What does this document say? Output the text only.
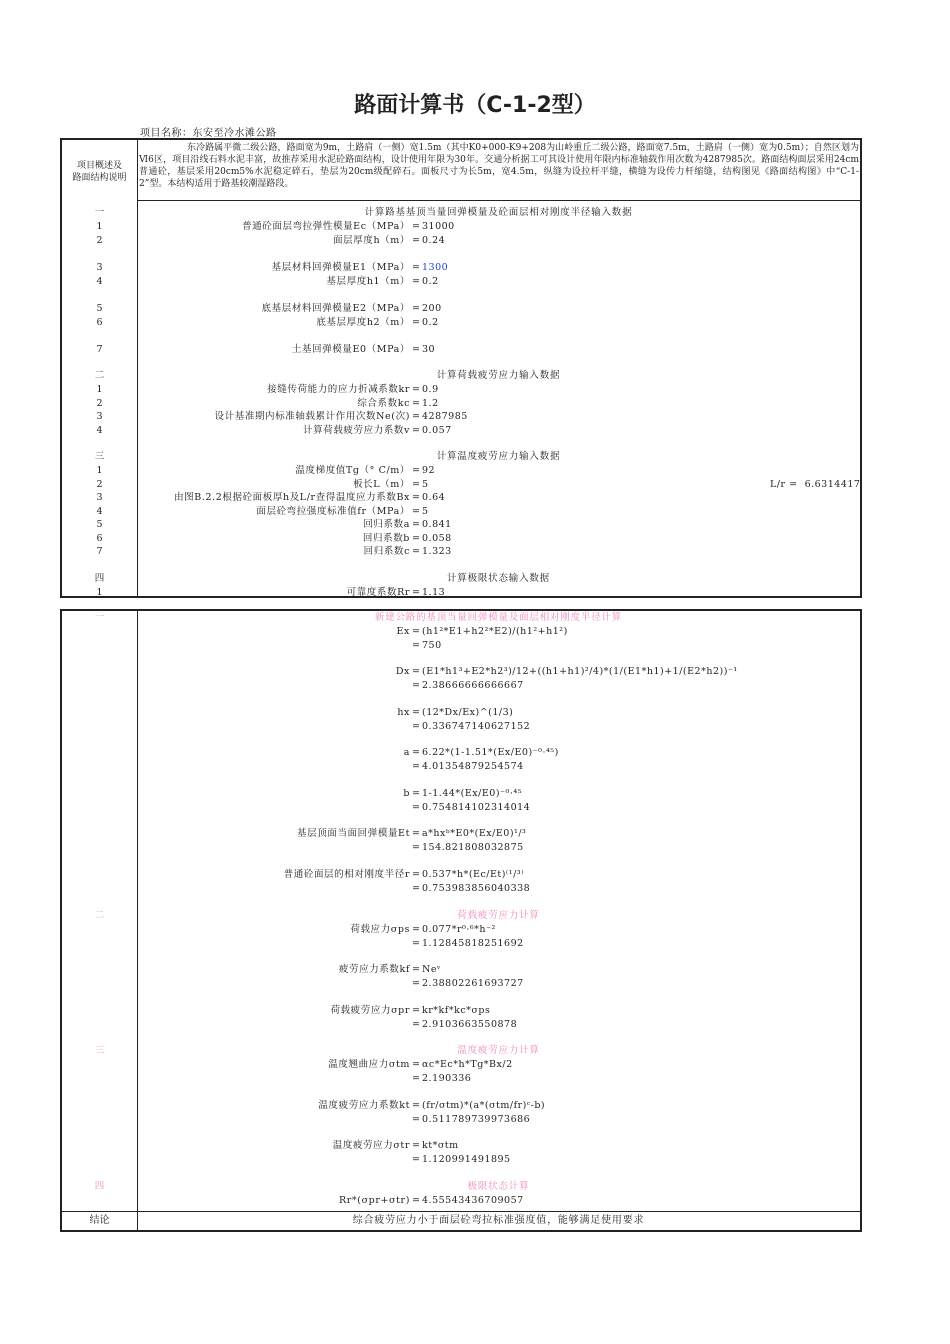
路面计算书（C-1-2型）
项目名称：东安至冷水滩公路
项目概述及
路面结构说明
东冷路属平微二级公路，路面宽为9m，土路肩（一侧）宽1.5m（其中K0+000-K9+208为山岭重丘二级公路，路面宽7.5m，土路肩（一侧）宽为0.5m）；自然区划为Ⅵ6区，项目沿线石料水泥丰富，故推荐采用水泥砼路面结构，设计使用年限为30年。交通分析据工可其设计使用年限内标准轴载作用次数为4287985次。路面结构面层采用24cm普通砼，基层采用20cm5%水泥稳定碎石，垫层为20cm级配碎石。面板尺寸为长5m，宽4.5m，纵缝为设拉杆平缝，横缝为设传力杆缩缝，结构图见《路面结构图》中“C-1-2”型。本结构适用于路基较潮湿路段。
一	计算路基基顶当量回弹模量及砼面层相对刚度半径输入数据
1	普通砼面层弯拉弹性模量Ec（MPa） = 31000
2	面层厚度h（m） = 0.24
3	基层材料回弹模量E1（MPa） = 1300
4	基层厚度h1（m） = 0.2
5	底基层材料回弹模量E2（MPa） = 200
6	底基层厚度h2（m） = 0.2
7	土基回弹模量E0（MPa） = 30
二	计算荷载疲劳应力输入数据
1	接缝传荷能力的应力折减系数kr = 0.9
2	综合系数kc = 1.2
3	设计基准期内标准轴载累计作用次数Ne(次) = 4287985
4	计算荷载疲劳应力系数v = 0.057
三	计算温度疲劳应力输入数据
1	温度梯度值Tg（° C/m） = 92
2	板长L（m） = 5	L/r = 6.6314417
3	由图B.2.2根据砼面板厚h及L/r查得温度应力系数Bx = 0.64
4	面层砼弯拉强度标准值fr（MPa） = 5
5	回归系数a = 0.841
6	回归系数b = 0.058
7	回归系数c = 1.323
四	计算极限状态输入数据
1	可靠度系数Rr = 1.13
一	新建公路的基顶当量回弹模量及面层相对刚度半径计算
Ex = (h1²*E1+h2²*E2)/(h1²+h1²)
= 750
Dx = (E1*h1³+E2*h2³)/12+((h1+h1)²/4)*(1/(E1*h1)+1/(E2*h2))⁻¹
= 2.38666666666667
hx = (12*Dx/Ex)^(1/3)
= 0.336747140627152
a = 6.22*(1-1.51*(Ex/E0)⁻⁰·⁴⁵)
= 4.01354879254574
b = 1-1.44*(Ex/E0)⁻⁰·⁴⁵
= 0.754814102314014
基层顶面当面回弹模量Et = a*hxᵇ*E0*(Ex/E0)¹/³
= 154.821808032875
普通砼面层的相对刚度半径r = 0.537*h*(Ec/Et)⁽¹/³⁾
= 0.753983856040338
二	荷载疲劳应力计算
荷载应力σps = 0.077*r⁰·⁶*h⁻²
= 1.12845818251692
疲劳应力系数kf = Neᵛ
= 2.38802261693727
荷载疲劳应力σpr = kr*kf*kc*σps
= 2.9103663550878
三	温度疲劳应力计算
温度翘曲应力σtm = αc*Ec*h*Tg*Bx/2
= 2.190336
温度疲劳应力系数kt = (fr/σtm)*(a*(σtm/fr)ᶜ-b)
= 0.511789739973686
温度疲劳应力σtr = kt*σtm
= 1.120991491895
四	极限状态计算
Rr*(σpr+σtr) = 4.55543436709057
结论	综合疲劳应力小于面层砼弯拉标准强度值，能够满足使用要求
